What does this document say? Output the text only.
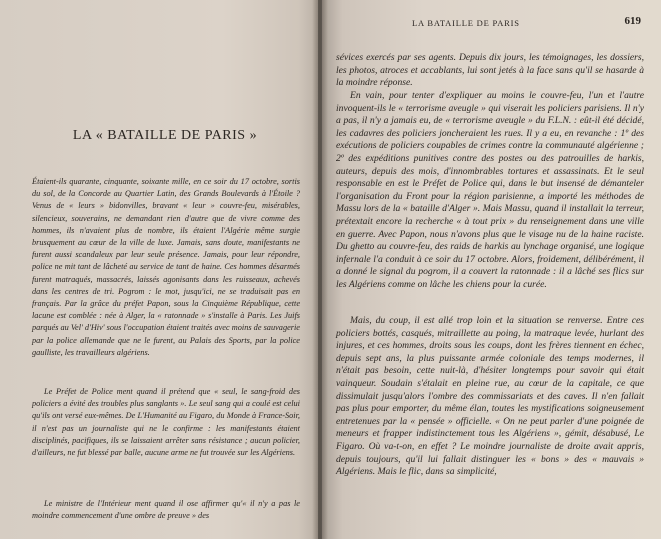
LA « BATAILLE DE PARIS »

Étaient-ils quarante, cinquante, soixante mille, en ce soir du 17 octobre, sortis du sol, de la Concorde au Quartier Latin, des Grands Boulevards à l'Étoile ? Venus de « leurs » bidonvilles, bravant « leur » couvre-feu, misérables, silencieux, souverains, ne demandant rien d'autre que de vivre comme des hommes, ils n'avaient plus de nombre, ils étaient l'Algérie même surgie brusquement au cœur de la ville de luxe. Jamais, sans doute, manifestants ne furent aussi scandaleux par leur seule présence. Jamais, pour leur répondre, police ne mit tant de lâcheté au service de tant de haine. Ces hommes désarmés furent matraqués, massacrés, laissés agonisants dans les ruisseaux, achevés dans les centres de tri. Pogrom : le mot, jusqu'ici, ne se traduisait pas en français. Par la grâce du préfet Papon, sous la Cinquième République, cette lacune est comblée : née à Alger, la « ratonnade » s'installe à Paris. Les Juifs parqués au Vel' d'Hiv' sous l'occupation étaient traités avec moins de sauvagerie par la police allemande que ne le furent, au Palais des Sports, par la police gaulliste, les travailleurs algériens.

Le Préfet de Police ment quand il prétend que « seul, le sang-froid des policiers a évité des troubles plus sanglants ». Le seul sang qui a coulé est celui qu'ils ont versé eux-mêmes. De L'Humanité au Figaro, du Monde à France-Soir, il n'est pas un journaliste qui ne le confirme : les manifestants étaient disciplinés, pacifiques, ils se laissaient arrêter sans résistance ; aucun policier, d'ailleurs, ne fut blessé par balle, aucune arme ne fut trouvée sur les Algériens.

Le ministre de l'Intérieur ment quand il ose affirmer qu'« il n'y a pas le moindre commencement d'une ombre de preuve » des

LA BATAILLE DE PARIS	619

sévices exercés par ses agents. Depuis dix jours, les témoignages, les dossiers, les photos, atroces et accablants, lui sont jetés à la face sans qu'il se hasarde à la moindre réponse.

En vain, pour tenter d'expliquer au moins le couvre-feu, l'un et l'autre invoquent-ils le « terrorisme aveugle » qui viserait les policiers parisiens. Il n'y a pas, il n'y a jamais eu, de « terrorisme aveugle » du F.L.N. : eût-il été décidé, les cadavres des policiers joncheraient les rues. Il y a eu, en revanche : 1º des exécutions de policiers coupables de crimes contre la communauté algérienne ; 2º des expéditions punitives contre des postes ou des patrouilles de harkis, auteurs, depuis des mois, d'innombrables tortures et assassinats. Et le seul responsable en est le Préfet de Police qui, dans le but insensé de démanteler l'organisation du Front pour la région parisienne, a importé les méthodes de Massu lors de la « bataille d'Alger ». Mais Massu, quand il installait la terreur, prétextait encore la recherche « à tout prix » du renseignement dans une ville en guerre. Avec Papon, nous n'avons plus que le visage nu de la haine raciste. Du ghetto au couvre-feu, des raids de harkis au lynchage organisé, une logique infernale l'a conduit à ce soir du 17 octobre. Alors, froidement, délibérément, il a donné le signal du pogrom, il a couvert la ratonnade : il a lâché ses flics sur les Algériens comme on lâche les chiens pour la curée.

Mais, du coup, il est allé trop loin et la situation se renverse. Entre ces policiers bottés, casqués, mitraillette au poing, la matraque levée, hurlant des injures, et ces hommes, droits sous les coups, dont les frères tiennent en échec, depuis sept ans, la plus puissante armée coloniale des temps modernes, il n'était pas besoin, cette nuit-là, d'hésiter longtemps pour savoir qui était vainqueur. Soudain s'étalait en pleine rue, au cœur de la capitale, ce que dissimulait jusqu'alors l'ombre des commissariats et des caves. Il n'en fallait pas plus pour emporter, du même élan, toutes les mystifications soigneusement entretenues par la « pensée » officielle. « On ne peut parler d'une poignée de meneurs et frapper indistinctement tous les Algériens », gémit, désabusé, Le Figaro. Où va-t-on, en effet ? Le moindre journaliste de droite avait appris, depuis toujours, qu'il lui fallait distinguer les « bons » des « mauvais » Algériens. Mais le flic, dans sa simplicité,
